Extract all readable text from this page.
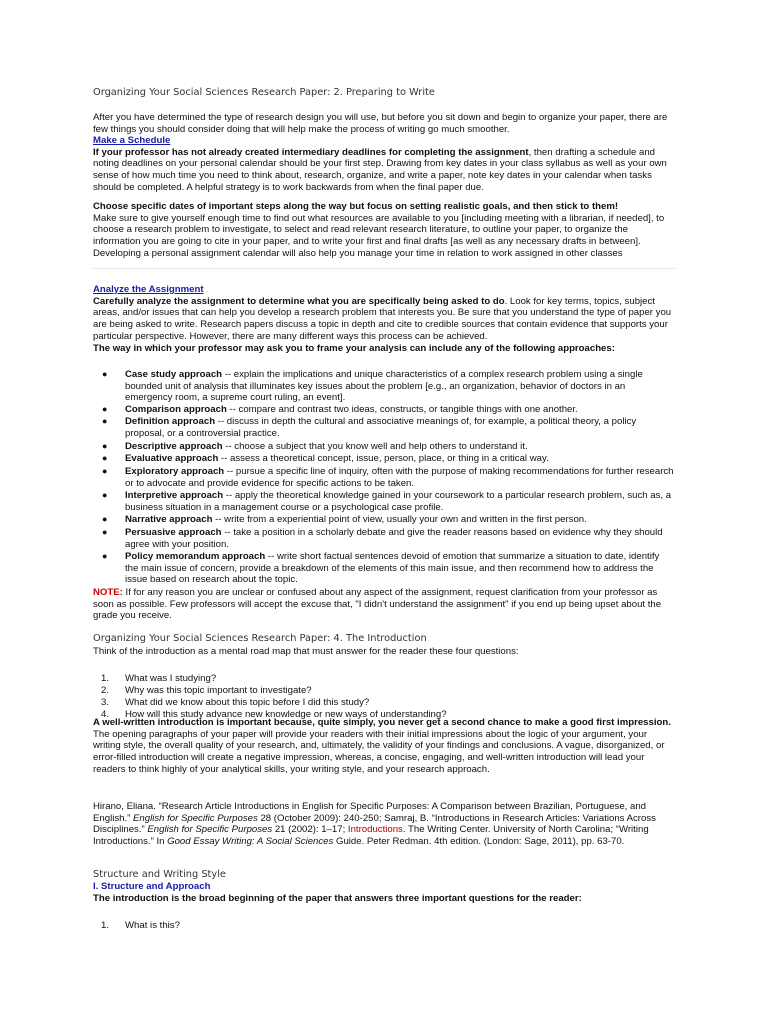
Organizing Your Social Sciences Research Paper: 2. Preparing to Write
After you have determined the type of research design you will use, but before you sit down and begin to organize your paper, there are few things you should consider doing that will help make the process of writing go much smoother.
Make a Schedule
If your professor has not already created intermediary deadlines for completing the assignment, then drafting a schedule and noting deadlines on your personal calendar should be your first step. Drawing from key dates in your class syllabus as well as your own sense of how much time you need to think about, research, organize, and write a paper, note key dates in your calendar when tasks should be completed. A helpful strategy is to work backwards from when the final paper due.
Choose specific dates of important steps along the way but focus on setting realistic goals, and then stick to them!
Make sure to give yourself enough time to find out what resources are available to you [including meeting with a librarian, if needed], to choose a research problem to investigate, to select and read relevant research literature, to outline your paper, to organize the information you are going to cite in your paper, and to write your first and final drafts [as well as any necessary drafts in between]. Developing a personal assignment calendar will also help you manage your time in relation to work assigned in other classes
Analyze the Assignment
Carefully analyze the assignment to determine what you are specifically being asked to do. Look for key terms, topics, subject areas, and/or issues that can help you develop a research problem that interests you. Be sure that you understand the type of paper you are being asked to write. Research papers discuss a topic in depth and cite to credible sources that contain evidence that supports your particular perspective. However, there are many different ways this process can be achieved.
The way in which your professor may ask you to frame your analysis can include any of the following approaches:
● Case study approach -- explain the implications and unique characteristics of a complex research problem using a single bounded unit of analysis that illuminates key issues about the problem [e.g., an organization, behavior of doctors in an emergency room, a supreme court ruling, an event].
● Comparison approach -- compare and contrast two ideas, constructs, or tangible things with one another.
● Definition approach -- discuss in depth the cultural and associative meanings of, for example, a political theory, a policy proposal, or a controversial practice.
● Descriptive approach -- choose a subject that you know well and help others to understand it.
● Evaluative approach -- assess a theoretical concept, issue, person, place, or thing in a critical way.
● Exploratory approach -- pursue a specific line of inquiry, often with the purpose of making recommendations for further research or to advocate and provide evidence for specific actions to be taken.
● Interpretive approach -- apply the theoretical knowledge gained in your coursework to a particular research problem, such as, a business situation in a management course or a psychological case profile.
● Narrative approach -- write from a experiential point of view, usually your own and written in the first person.
● Persuasive approach -- take a position in a scholarly debate and give the reader reasons based on evidence why they should agree with your position.
● Policy memorandum approach -- write short factual sentences devoid of emotion that summarize a situation to date, identify the main issue of concern, provide a breakdown of the elements of this main issue, and then recommend how to address the issue based on research about the topic.
NOTE: If for any reason you are unclear or confused about any aspect of the assignment, request clarification from your professor as soon as possible. Few professors will accept the excuse that, "I didn't understand the assignment" if you end up being upset about the grade you receive.
Organizing Your Social Sciences Research Paper: 4. The Introduction
Think of the introduction as a mental road map that must answer for the reader these four questions:
1. What was I studying?
2. Why was this topic important to investigate?
3. What did we know about this topic before I did this study?
4. How will this study advance new knowledge or new ways of understanding?
A well-written introduction is important because, quite simply, you never get a second chance to make a good first impression. The opening paragraphs of your paper will provide your readers with their initial impressions about the logic of your argument, your writing style, the overall quality of your research, and, ultimately, the validity of your findings and conclusions. A vague, disorganized, or error-filled introduction will create a negative impression, whereas, a concise, engaging, and well-written introduction will lead your readers to think highly of your analytical skills, your writing style, and your research approach.
Hirano, Eliana. “Research Article Introductions in English for Specific Purposes: A Comparison between Brazilian, Portuguese, and English.” English for Specific Purposes 28 (October 2009): 240-250; Samraj, B. “Introductions in Research Articles: Variations Across Disciplines.” English for Specific Purposes 21 (2002): 1–17; Introductions. The Writing Center. University of North Carolina; “Writing Introductions.” In Good Essay Writing: A Social Sciences Guide. Peter Redman. 4th edition. (London: Sage, 2011), pp. 63-70.
Structure and Writing Style
I. Structure and Approach
The introduction is the broad beginning of the paper that answers three important questions for the reader:
1. What is this?
